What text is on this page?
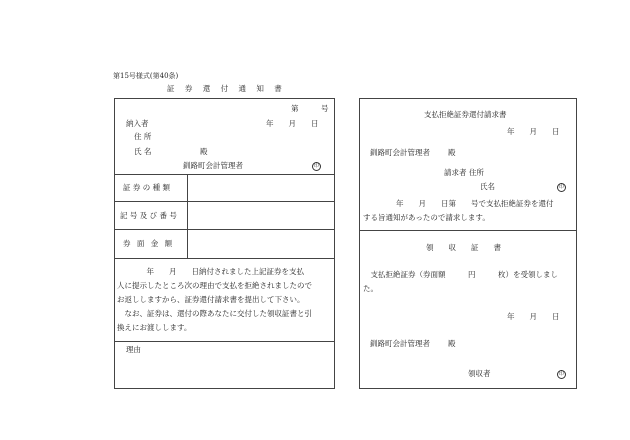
第15号様式(第40条)
証 券 還 付 通 知 書
第　　　号
納入者	年　　月　　日
住 所
氏 名	殿
釧路町会計管理者	印
証 券 の 種 類
記 号 及 び 番 号
券 面 金 額
　　　年　　月　　日納付されました上記証券を支払
人に提示したところ次の理由で支払を拒絶されましたので
お返ししますから、証券還付請求書を提出して下さい。
　なお、証券は、還付の際あなたに交付した領収証書と引
換えにお渡しします。
理由
支払拒絶証券還付請求書
年　　月　　日
釧路町会計管理者 殿
請求者 住所
氏名	印
　　　　年　　月　　日第　　号で支払拒絶証券を還付
する旨通知があったので請求します。
領　　収　　証　　書
　支払拒絶証券（券面額　　　円　　　枚）を受領しまし
た。
年　　月　　日
釧路町会計管理者 殿
領収者	印
